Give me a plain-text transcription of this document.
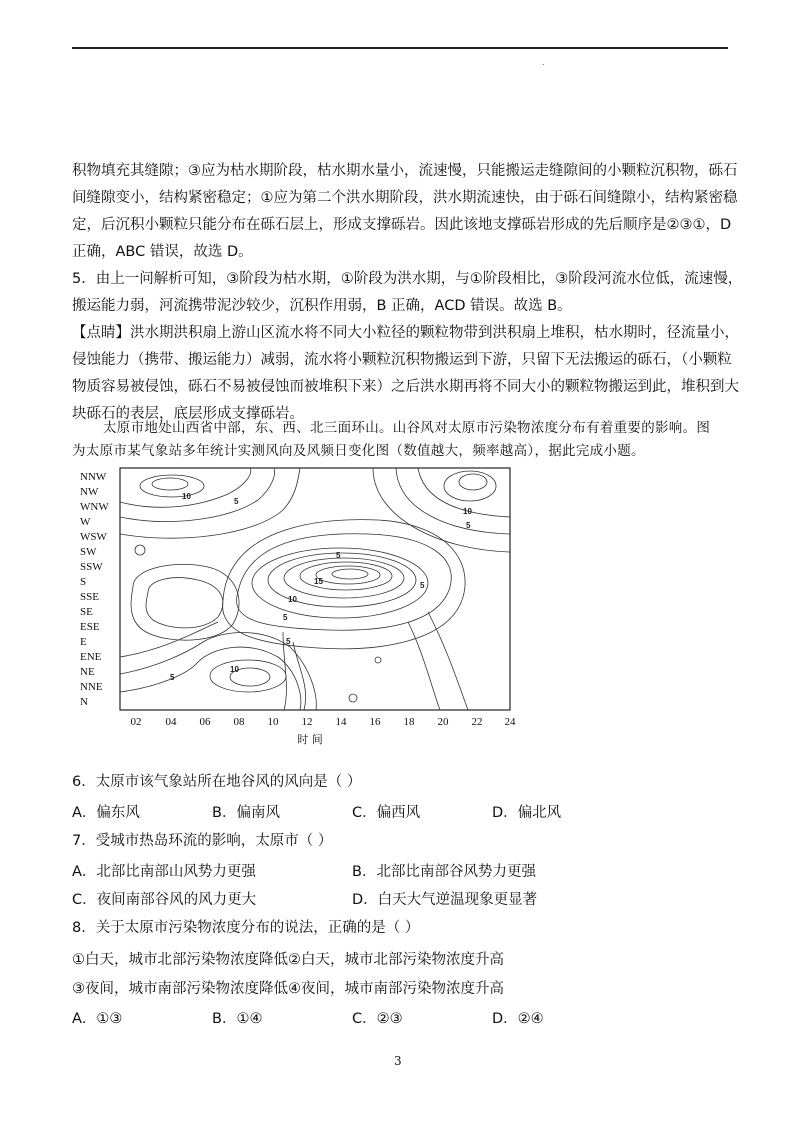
.
积物填充其缝隙；③应为枯水期阶段，枯水期水量小，流速慢，只能搬运走缝隙间的小颗粒沉积物，砾石
间缝隙变小，结构紧密稳定；①应为第二个洪水期阶段，洪水期流速快，由于砾石间缝隙小，结构紧密稳
定，后沉积小颗粒只能分布在砾石层上，形成支撑砾岩。因此该地支撑砾岩形成的先后顺序是②③①，D
正确，ABC 错误，故选 D。
5．由上一问解析可知，③阶段为枯水期，①阶段为洪水期，与①阶段相比，③阶段河流水位低，流速慢，
搬运能力弱，河流携带泥沙较少，沉积作用弱，B 正确，ACD 错误。故选 B。
【点睛】洪水期洪积扇上游山区流水将不同大小粒径的颗粒物带到洪积扇上堆积，枯水期时，径流量小，
侵蚀能力（携带、搬运能力）减弱，流水将小颗粒沉积物搬运到下游，只留下无法搬运的砾石，（小颗粒
物质容易被侵蚀，砾石不易被侵蚀而被堆积下来）之后洪水期再将不同大小的颗粒物搬运到此，堆积到大
块砾石的表层，底层形成支撑砾岩。
太原市地处山西省中部，东、西、北三面环山。山谷风对太原市污染物浓度分布有着重要的影响。图
为太原市某气象站多年统计实测风向及风频日变化图（数值越大，频率越高），据此完成小题。
NNW
NW
WNW
W
WSW
SW
SSW
S
SSE
SE
ESE
E
ENE
NE
NNE
N
10
5
10
5
5
15
10
5
5
5
10
5
02 04 06 08 10 12 14 16 18 20 22 24
时 间
6．太原市该气象站所在地谷风的风向是（ ）
A．偏东风	B．偏南风	C．偏西风	D．偏北风
7．受城市热岛环流的影响，太原市（ ）
A．北部比南部山风势力更强	B．北部比南部谷风势力更强
C．夜间南部谷风的风力更大	D．白天大气逆温现象更显著
8．关于太原市污染物浓度分布的说法，正确的是（ ）
①白天，城市北部污染物浓度降低②白天，城市北部污染物浓度升高
③夜间，城市南部污染物浓度降低④夜间，城市南部污染物浓度升高
A．①③	B．①④	C．②③	D．②④
3
